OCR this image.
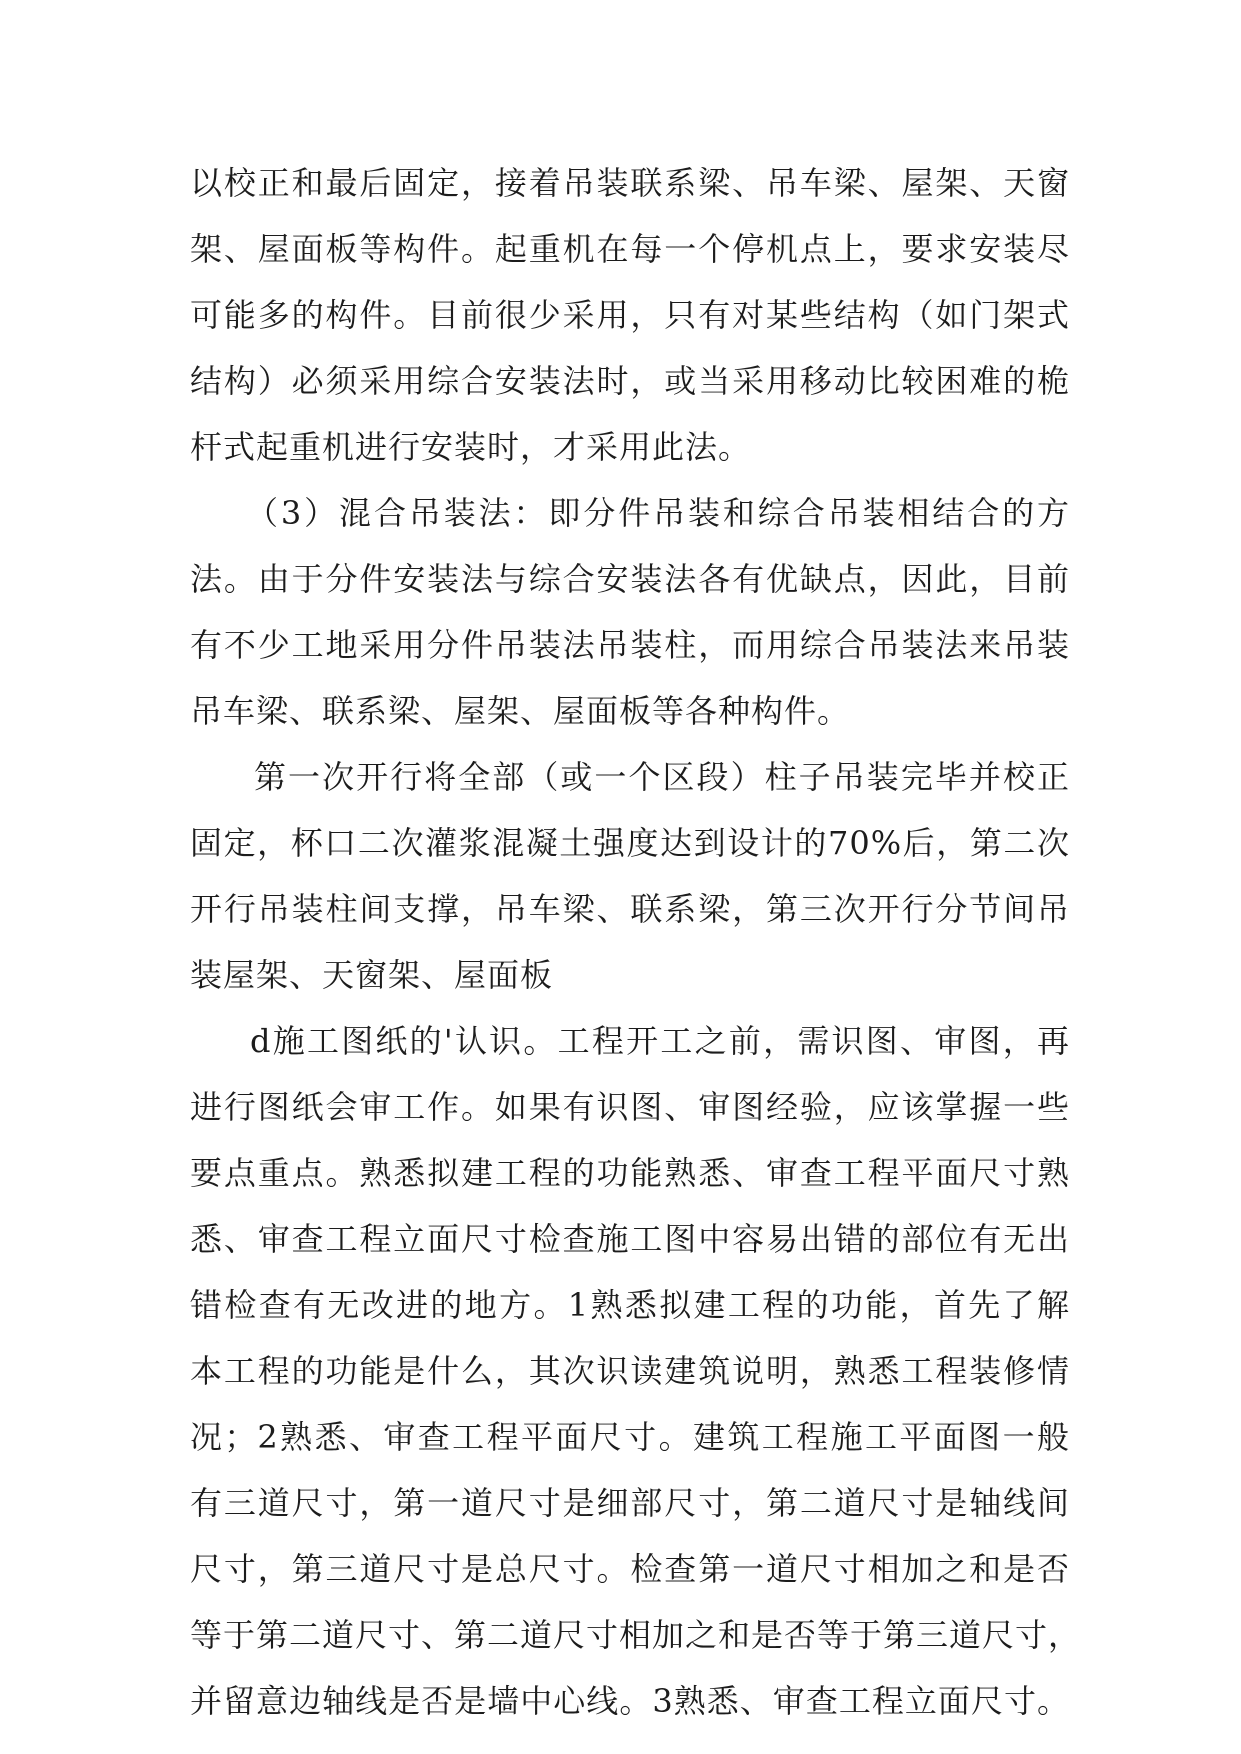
以校正和最后固定，接着吊装联系梁、吊车梁、屋架、天窗
架、屋面板等构件。起重机在每一个停机点上，要求安装尽
可能多的构件。目前很少采用，只有对某些结构（如门架式
结构）必须采用综合安装法时，或当采用移动比较困难的桅
杆式起重机进行安装时，才采用此法。
（3）混合吊装法：即分件吊装和综合吊装相结合的方
法。由于分件安装法与综合安装法各有优缺点，因此，目前
有不少工地采用分件吊装法吊装柱，而用综合吊装法来吊装
吊车梁、联系梁、屋架、屋面板等各种构件。
第一次开行将全部（或一个区段）柱子吊装完毕并校正
固定，杯口二次灌浆混凝土强度达到设计的70%后，第二次
开行吊装柱间支撑，吊车梁、联系梁，第三次开行分节间吊
装屋架、天窗架、屋面板
d施工图纸的'认识。工程开工之前，需识图、审图，再
进行图纸会审工作。如果有识图、审图经验，应该掌握一些
要点重点。熟悉拟建工程的功能熟悉、审查工程平面尺寸熟
悉、审查工程立面尺寸检查施工图中容易出错的部位有无出
错检查有无改进的地方。1熟悉拟建工程的功能，首先了解
本工程的功能是什么，其次识读建筑说明，熟悉工程装修情
况；2熟悉、审查工程平面尺寸。建筑工程施工平面图一般
有三道尺寸，第一道尺寸是细部尺寸，第二道尺寸是轴线间
尺寸，第三道尺寸是总尺寸。检查第一道尺寸相加之和是否
等于第二道尺寸、第二道尺寸相加之和是否等于第三道尺寸，
并留意边轴线是否是墙中心线。3熟悉、审查工程立面尺寸。
